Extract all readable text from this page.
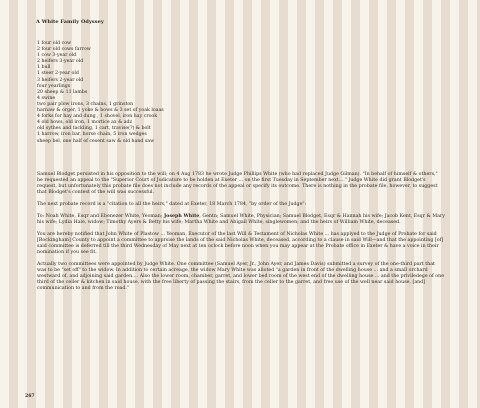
A White Family Odyssey
1 four old cow
2 four old cows farrow
1 cow 3-year old
2 heifers 3-year old
1 bull
1 steer 2-year old
3 heifers 2-year old
four yearlings
20 sheep & 11 lambs
4 swine
two pair plow irons, 3 chains, 1 grinston
harnaw & orger, 1 yoke & bows & 3 set of yoak loaas
4 forks for hay and dung , 1 shovel, iron hay crook
4 old hows, old iron, 1 mortice ax & adz
old sythes and tackling, 1 cart, travise(?) & bolt
1 harrow, iron bar, horse chain, 5 iron wedges
sheep bel, one half of cesent saw & old hand saw

Samuel Blodget persisted in his opposition to the will; on 4 Aug 1783 he wrote Judge Phillips White (who had replaced Judge Gilman). "In behalf of himself & others," he requested an appeal to the "Superior Court of Judicature to be holden at Exeter ... on the first Tuesday in September next...." Judge White did grant Blodget's request, but unfortunately this probate file does not include any records of the appeal or specify its outcome. There is nothing in the probate file, however, to suggest that Blodget's contest of the will was successful.

The next probate record is a "citation to all the heirs," dated at Exeter, 18 March 1784, "by order of the Judge":

To: Noah White, Esqr and Ebenezer White, Yeoman; Joseph White, Gentn; Samuel White, Physician; Samuel Blodget, Esqr & Hannah his wife; Jacob Kent, Esqr & Mary his wife; Lydia Hale, widow; Timothy Ayers & Betty his wife; Martha White and Abigail White, singlewomen; and the heirs of William White, deceased.

You are hereby notified that John White of Plastow ... Yeoman, Executor of the last Will & Testament of Nicholas White ... has applyed to the Judge of Probate for said [Rockingham] County to appoint a committee to apprsise the lands of the said Nicholas White, deceased, according to a clause in said Will—and that the appointing [of] said committee is deferred till the third Wednesday of May next at ten oclock before noon when you may appear at the Probate office in Exeter & have a voice in their nomination if you see fit.

Actually two committees were appointed by Judge White. One committee (Samuel Ayer, Jr., John Ayer, and James Davis) submitted a survey of the one-third part that was to be "set off" to the widow. In addition to certain acreage, the widow Mary White was alloted "a garden in front of the dwelling house ... and a small orchard westward of, and adjoining said garden.... Also the lower room, chamber, garret, and lower bed room of the west end of the dwelling house ... and the priviledege of one third of the celler & kitchen in said house, with the free liberty of passing the stairs, from the celler to the garret, and free use of the well near said house, [and] communication to and from the road."

267
